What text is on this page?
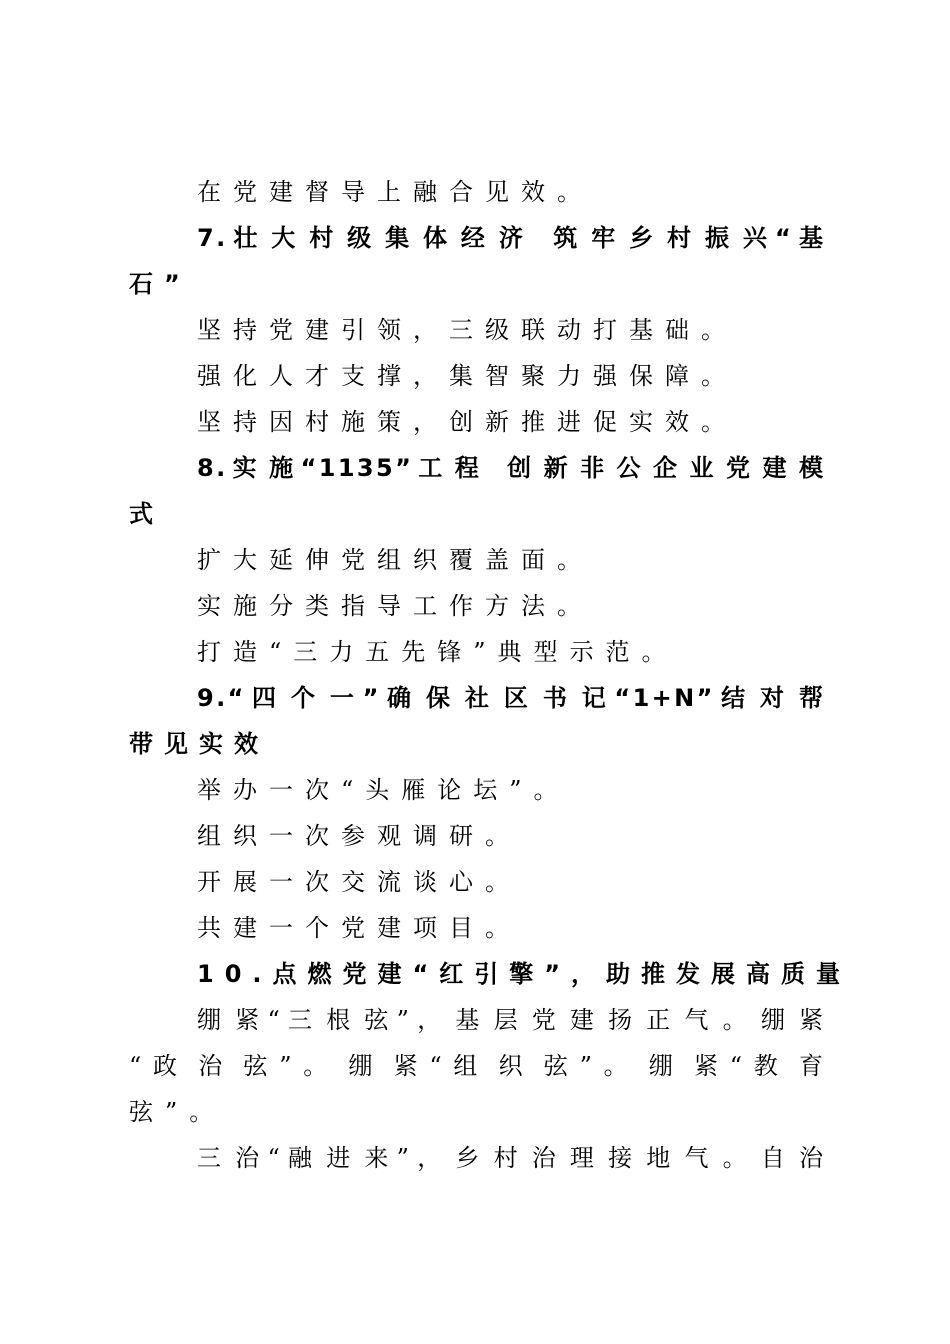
在党建督导上融合见效。
7 . 壮 大 村 级 集 体 经 济   筑 牢 乡 村 振 兴 “ 基
石”
坚持党建引领，三级联动打基础。
强化人才支撑，集智聚力强保障。
坚持因村施策，创新推进促实效。
8 . 实 施 “ 1 1 3 5 ” 工 程   创 新 非 公 企 业 党 建 模
式
扩大延伸党组织覆盖面。
实施分类指导工作方法。
打造“三力五先锋”典型示范。
9 . “ 四 个 一 ” 确 保 社 区 书 记 “ 1 + N ” 结 对 帮
带见实效
举办一次“头雁论坛”。
组织一次参观调研。
开展一次交流谈心。
共建一个党建项目。
10.点燃党建“红引擎”，助推发展高质量
绷 紧 “ 三 根 弦 ” ， 基 层 党 建 扬 正 气 。 绷 紧
“ 政 治 弦 ” 。 绷 紧 “ 组 织 弦 ” 。 绷 紧 “ 教 育
弦”。
三 治 “ 融 进 来 ” ， 乡 村 治 理 接 地 气 。 自 治
